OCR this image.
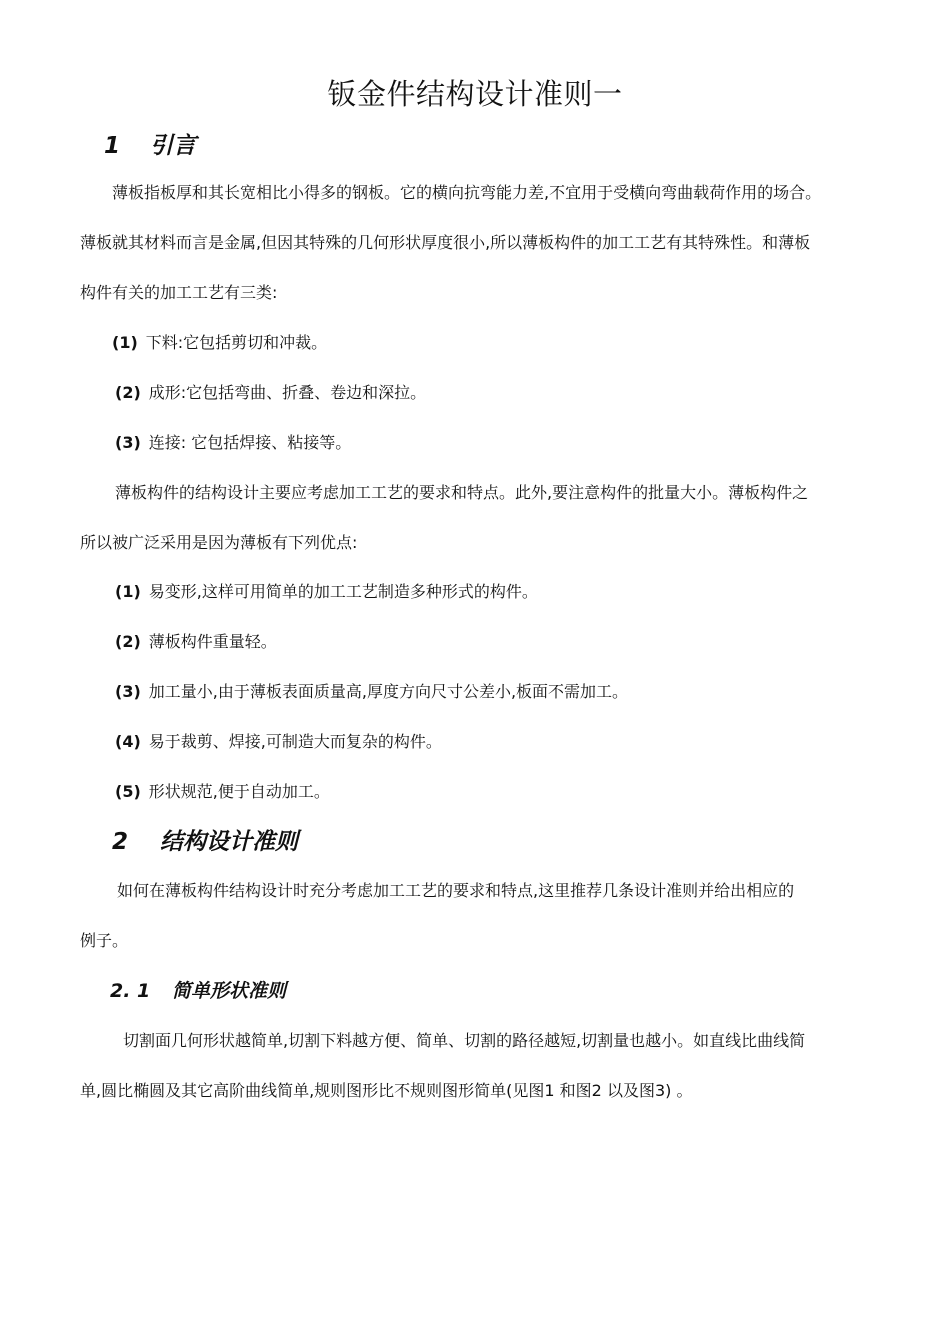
钣金件结构设计准则一
1 引言

薄板指板厚和其长宽相比小得多的钢板。它的横向抗弯能力差,不宜用于受横向弯曲载荷作用的场合。

薄板就其材料而言是金属,但因其特殊的几何形状厚度很小,所以薄板构件的加工工艺有其特殊性。和薄板

构件有关的加工工艺有三类:

(1) 下料:它包括剪切和冲裁。

(2) 成形:它包括弯曲、折叠、卷边和深拉。

(3) 连接: 它包括焊接、粘接等。

薄板构件的结构设计主要应考虑加工工艺的要求和特点。此外,要注意构件的批量大小。薄板构件之

所以被广泛采用是因为薄板有下列优点:

(1) 易变形,这样可用简单的加工工艺制造多种形式的构件。

(2) 薄板构件重量轻。

(3) 加工量小,由于薄板表面质量高,厚度方向尺寸公差小,板面不需加工。

(4) 易于裁剪、焊接,可制造大而复杂的构件。

(5) 形状规范,便于自动加工。

2 结构设计准则

如何在薄板构件结构设计时充分考虑加工工艺的要求和特点,这里推荐几条设计准则并给出相应的

例子。

2. 1 简单形状准则

切割面几何形状越简单,切割下料越方便、简单、切割的路径越短,切割量也越小。如直线比曲线简

单,圆比椭圆及其它高阶曲线简单,规则图形比不规则图形简单(见图1 和图2 以及图3) 。
